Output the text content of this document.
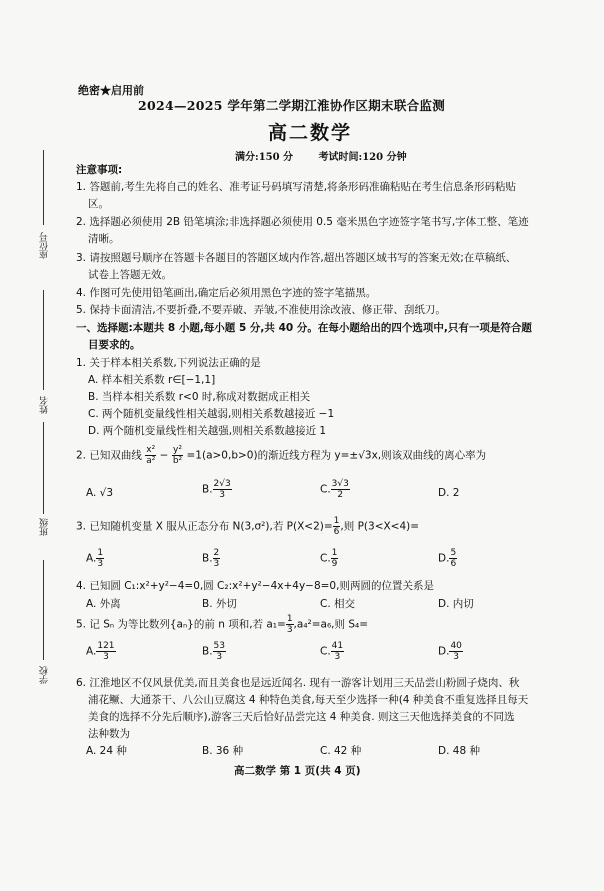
绝密★启用前
2024—2025 学年第二学期江淮协作区期末联合监测
高二数学
满分:150 分	考试时间:120 分钟
座位号
姓名
班级
学校
注意事项:
1. 答题前,考生先将自己的姓名、准考证号码填写清楚,将条形码准确粘贴在考生信息条形码粘贴
区。
2. 选择题必须使用 2B 铅笔填涂;非选择题必须使用 0.5 毫米黑色字迹签字笔书写,字体工整、笔迹
清晰。
3. 请按照题号顺序在答题卡各题目的答题区域内作答,超出答题区域书写的答案无效;在草稿纸、
试卷上答题无效。
4. 作图可先使用铅笔画出,确定后必须用黑色字迹的签字笔描黑。
5. 保持卡面清洁,不要折叠,不要弄破、弄皱,不准使用涂改液、修正带、刮纸刀。
一、选择题:本题共 8 小题,每小题 5 分,共 40 分。在每小题给出的四个选项中,只有一项是符合题
目要求的。
1. 关于样本相关系数,下列说法正确的是
A. 样本相关系数 r∈[−1,1]
B. 当样本相关系数 r<0 时,称成对数据成正相关
C. 两个随机变量线性相关越弱,则相关系数越接近 −1
D. 两个随机变量线性相关越强,则相关系数越接近 1
2. 已知双曲线 $\frac{\text{x²}}{\text{a²}} - \frac{\text{y²}}{\text{b²}} =1(a>0,b>0)$的渐近线方程为 y=±√3x,则该双曲线的离心率为
A. √3	B. $\frac{2√3}{3}$	C. $\frac{3√3}{2}$	D. 2
3. 已知随机变量 X 服从正态分布 N(3,σ²),若 $P(X<2)= \frac{1}{6}$ ,则 P(3<X<4)=
A. $\frac{1}{3}$	B. $\frac{2}{3}$	C. $\frac{1}{9}$	D. $\frac{5}{6}$
4. 已知圆 C₁:x²+y²−4=0,圆 C₂:x²+y²−4x+4y−8=0,则两圆的位置关系是
A. 外离	B. 外切	C. 相交	D. 内切
5. 记 Sₙ 为等比数列{aₙ}的前 n 项和,若 $a_1= \frac{1}{3} ,a_4^2=a_6$,则 S₄=
A. $\frac{121}{3}$	B. $\frac{53}{3}$	C. $\frac{41}{3}$	D. $\frac{40}{3}$
6. 江淮地区不仅风景优美,而且美食也是远近闻名. 现有一游客计划用三天品尝山粉圆子烧肉、秋
浦花鳜、大通茶干、八公山豆腐这 4 种特色美食,每天至少选择一种(4 种美食不重复选择且每天
美食的选择不分先后顺序),游客三天后恰好品尝完这 4 种美食. 则这三天他选择美食的不同选
法种数为
A. 24 种	B. 36 种	C. 42 种	D. 48 种
高二数学 第 1 页(共 4 页)
